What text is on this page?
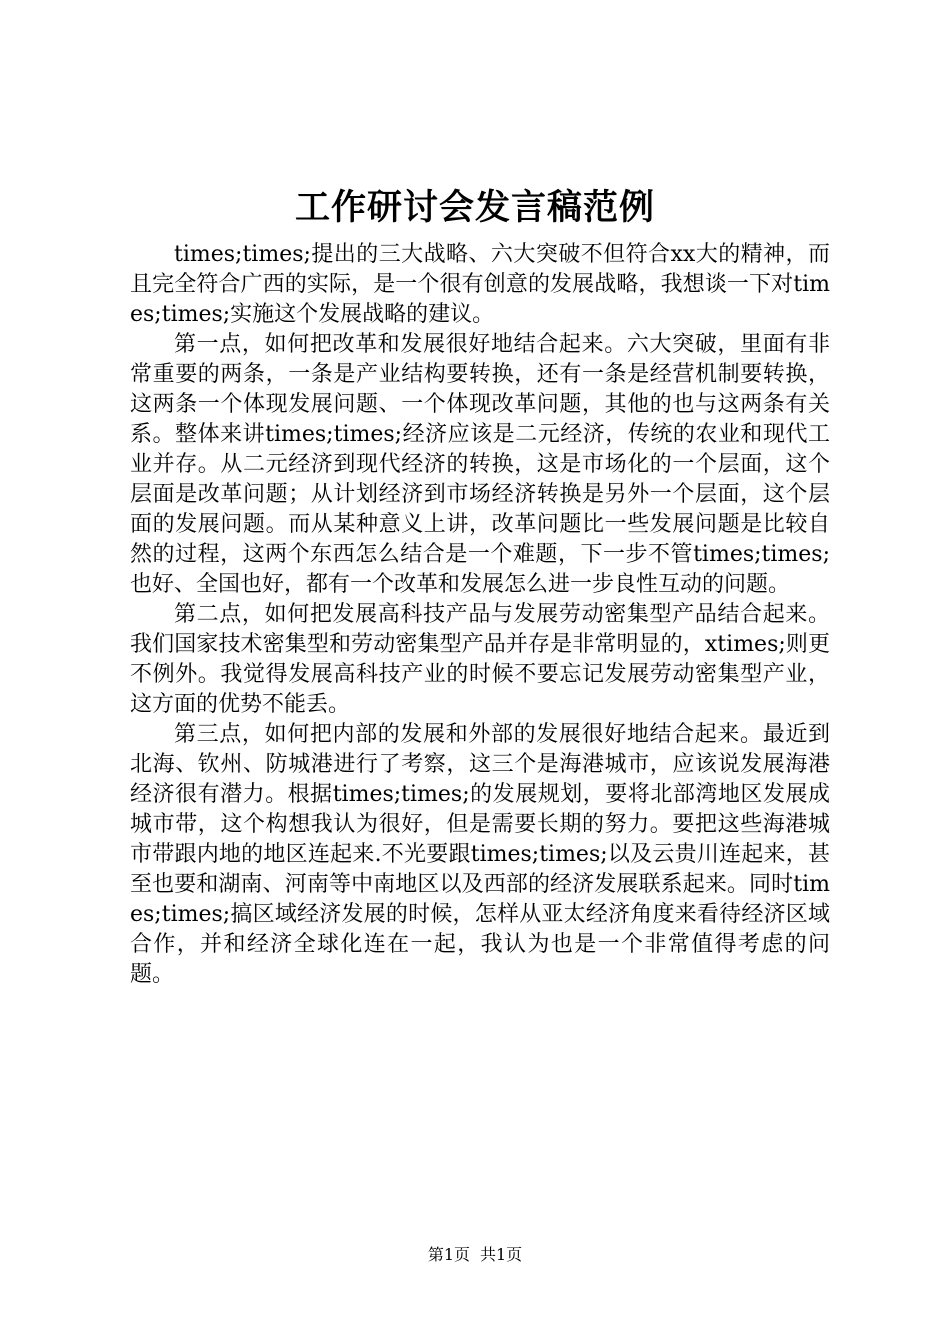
工作研讨会发言稿范例

times;times;提出的三大战略、六大突破不但符合xx大的精神，而且完全符合广西的实际，是一个很有创意的发展战略，我想谈一下对times;times;实施这个发展战略的建议。

第一点，如何把改革和发展很好地结合起来。六大突破，里面有非常重要的两条，一条是产业结构要转换，还有一条是经营机制要转换，这两条一个体现发展问题、一个体现改革问题，其他的也与这两条有关系。整体来讲times;times;经济应该是二元经济，传统的农业和现代工业并存。从二元经济到现代经济的转换，这是市场化的一个层面，这个层面是改革问题；从计划经济到市场经济转换是另外一个层面，这个层面的发展问题。而从某种意义上讲，改革问题比一些发展问题是比较自然的过程，这两个东西怎么结合是一个难题，下一步不管times;times;也好、全国也好，都有一个改革和发展怎么进一步良性互动的问题。

第二点，如何把发展高科技产品与发展劳动密集型产品结合起来。我们国家技术密集型和劳动密集型产品并存是非常明显的，xtimes;则更不例外。我觉得发展高科技产业的时候不要忘记发展劳动密集型产业，这方面的优势不能丢。

第三点，如何把内部的发展和外部的发展很好地结合起来。最近到北海、钦州、防城港进行了考察，这三个是海港城市，应该说发展海港经济很有潜力。根据times;times;的发展规划，要将北部湾地区发展成城市带，这个构想我认为很好，但是需要长期的努力。要把这些海港城市带跟内地的地区连起来.不光要跟times;times;以及云贵川连起来，甚至也要和湖南、河南等中南地区以及西部的经济发展联系起来。同时times;times;搞区域经济发展的时候，怎样从亚太经济角度来看待经济区域合作，并和经济全球化连在一起，我认为也是一个非常值得考虑的问题。

第1页 共1页
